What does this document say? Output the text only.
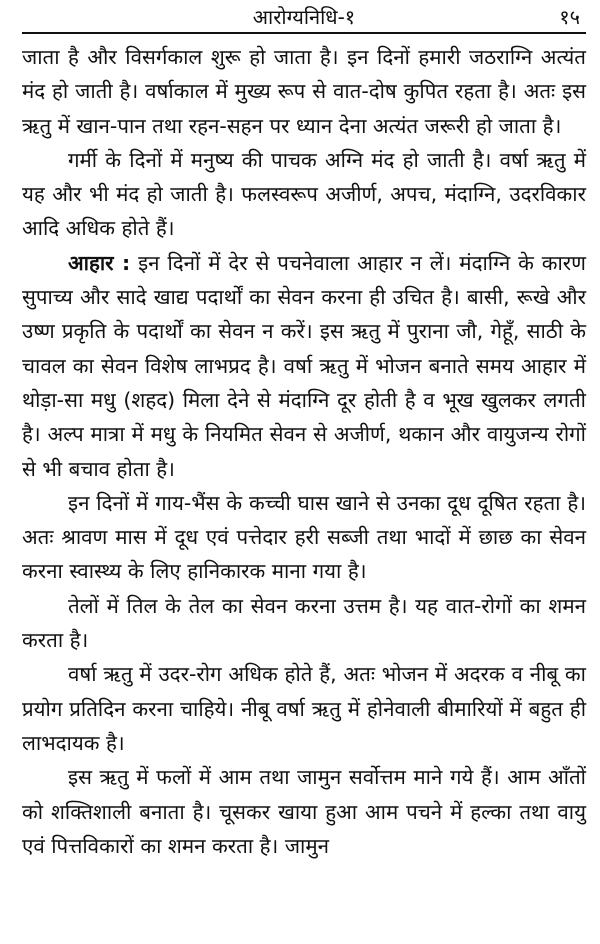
आरोग्यनिधि-१	१५

जाता है और विसर्गकाल शुरू हो जाता है। इन दिनों हमारी जठराग्नि अत्यंत मंद हो जाती है। वर्षाकाल में मुख्य रूप से वात-दोष कुपित रहता है। अतः इस ऋतु में खान-पान तथा रहन-सहन पर ध्यान देना अत्यंत जरूरी हो जाता है।

गर्मी के दिनों में मनुष्य की पाचक अग्नि मंद हो जाती है। वर्षा ऋतु में यह और भी मंद हो जाती है। फलस्वरूप अजीर्ण, अपच, मंदाग्नि, उदरविकार आदि अधिक होते हैं।

आहार : इन दिनों में देर से पचनेवाला आहार न लें। मंदाग्नि के कारण सुपाच्य और सादे खाद्य पदार्थों का सेवन करना ही उचित है। बासी, रूखे और उष्ण प्रकृति के पदार्थों का सेवन न करें। इस ऋतु में पुराना जौ, गेहूँ, साठी के चावल का सेवन विशेष लाभप्रद है। वर्षा ऋतु में भोजन बनाते समय आहार में थोड़ा-सा मधु (शहद) मिला देने से मंदाग्नि दूर होती है व भूख खुलकर लगती है। अल्प मात्रा में मधु के नियमित सेवन से अजीर्ण, थकान और वायुजन्य रोगों से भी बचाव होता है।

इन दिनों में गाय-भैंस के कच्ची घास खाने से उनका दूध दूषित रहता है। अतः श्रावण मास में दूध एवं पत्तेदार हरी सब्जी तथा भादों में छाछ का सेवन करना स्वास्थ्य के लिए हानिकारक माना गया है।

तेलों में तिल के तेल का सेवन करना उत्तम है। यह वात-रोगों का शमन करता है।

वर्षा ऋतु में उदर-रोग अधिक होते हैं, अतः भोजन में अदरक व नीबू का प्रयोग प्रतिदिन करना चाहिये। नीबू वर्षा ऋतु में होनेवाली बीमारियों में बहुत ही लाभदायक है।

इस ऋतु में फलों में आम तथा जामुन सर्वोत्तम माने गये हैं। आम आँतों को शक्तिशाली बनाता है। चूसकर खाया हुआ आम पचने में हल्का तथा वायु एवं पित्तविकारों का शमन करता है। जामुन
